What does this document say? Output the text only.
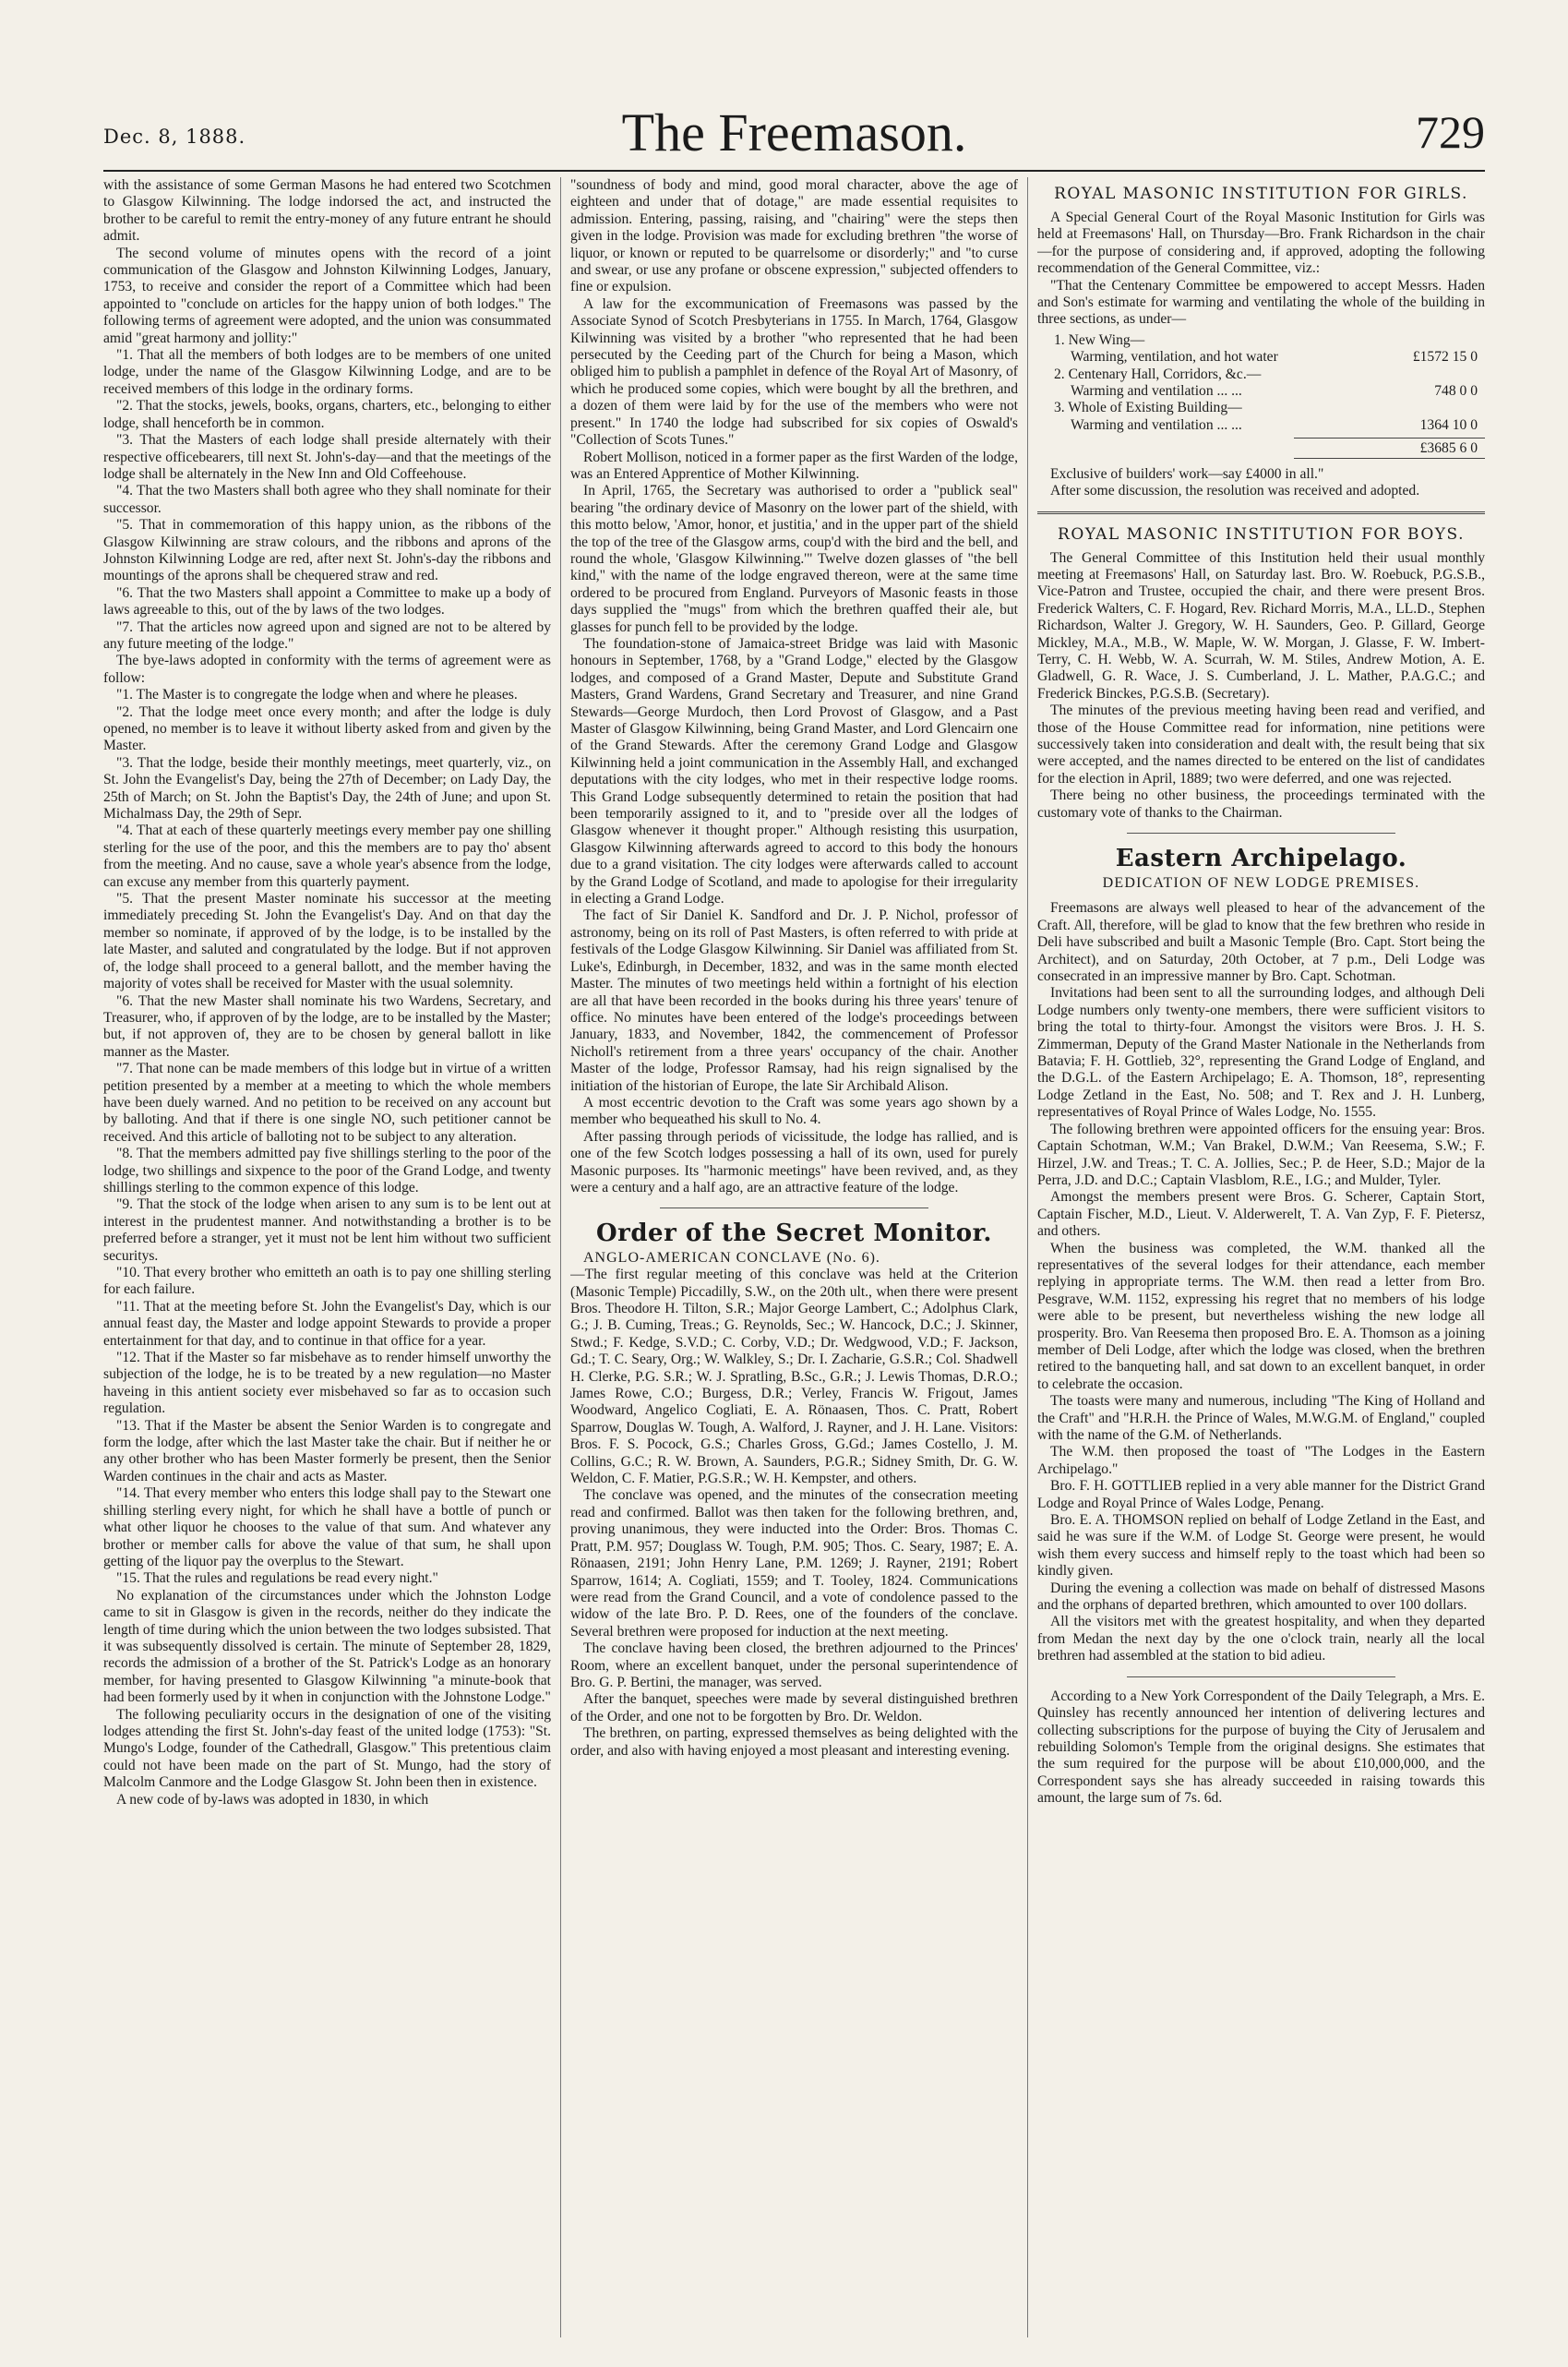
Dec. 8, 1888.	The Freemason.	729

with the assistance of some German Masons he had entered two Scotchmen to Glasgow Kilwinning. The lodge indorsed the act, and instructed the brother to be careful to remit the entry-money of any future entrant he should admit.

The second volume of minutes opens with the record of a joint communication of the Glasgow and Johnston Kilwinning Lodges, January, 1753, to receive and consider the report of a Committee which had been appointed to "conclude on articles for the happy union of both lodges." The following terms of agreement were adopted, and the union was consummated amid "great harmony and jollity:"

"1. That all the members of both lodges are to be members of one united lodge, under the name of the Glasgow Kilwinning Lodge, and are to be received members of this lodge in the ordinary forms.

"2. That the stocks, jewels, books, organs, charters, etc., belonging to either lodge, shall henceforth be in common.

"3. That the Masters of each lodge shall preside alternately with their respective officebearers, till next St. John's-day—and that the meetings of the lodge shall be alternately in the New Inn and Old Coffeehouse.

"4. That the two Masters shall both agree who they shall nominate for their successor.

"5. That in commemoration of this happy union, as the ribbons of the Glasgow Kilwinning are straw colours, and the ribbons and aprons of the Johnston Kilwinning Lodge are red, after next St. John's-day the ribbons and mountings of the aprons shall be chequered straw and red.

"6. That the two Masters shall appoint a Committee to make up a body of laws agreeable to this, out of the by laws of the two lodges.

"7. That the articles now agreed upon and signed are not to be altered by any future meeting of the lodge."

The bye-laws adopted in conformity with the terms of agreement were as follow:

"1. The Master is to congregate the lodge when and where he pleases.

"2. That the lodge meet once every month; and after the lodge is duly opened, no member is to leave it without liberty asked from and given by the Master.

"3. That the lodge, beside their monthly meetings, meet quarterly, viz., on St. John the Evangelist's Day, being the 27th of December; on Lady Day, the 25th of March; on St. John the Baptist's Day, the 24th of June; and upon St. Michalmass Day, the 29th of Sepr.

"4. That at each of these quarterly meetings every member pay one shilling sterling for the use of the poor, and this the members are to pay tho' absent from the meeting. And no cause, save a whole year's absence from the lodge, can excuse any member from this quarterly payment.

"5. That the present Master nominate his successor at the meeting immediately preceding St. John the Evangelist's Day. And on that day the member so nominate, if approved of by the lodge, is to be installed by the late Master, and saluted and congratulated by the lodge. But if not approven of, the lodge shall proceed to a general ballott, and the member having the majority of votes shall be received for Master with the usual solemnity.

"6. That the new Master shall nominate his two Wardens, Secretary, and Treasurer, who, if approven of by the lodge, are to be installed by the Master; but, if not approven of, they are to be chosen by general ballott in like manner as the Master.

"7. That none can be made members of this lodge but in virtue of a written petition presented by a member at a meeting to which the whole members have been duely warned. And no petition to be received on any account but by balloting. And that if there is one single NO, such petitioner cannot be received. And this article of balloting not to be subject to any alteration.

"8. That the members admitted pay five shillings sterling to the poor of the lodge, two shillings and sixpence to the poor of the Grand Lodge, and twenty shillings sterling to the common expence of this lodge.

"9. That the stock of the lodge when arisen to any sum is to be lent out at interest in the prudentest manner. And notwithstanding a brother is to be preferred before a stranger, yet it must not be lent him without two sufficient securitys.

"10. That every brother who emitteth an oath is to pay one shilling sterling for each failure.

"11. That at the meeting before St. John the Evangelist's Day, which is our annual feast day, the Master and lodge appoint Stewards to provide a proper entertainment for that day, and to continue in that office for a year.

"12. That if the Master so far misbehave as to render himself unworthy the subjection of the lodge, he is to be treated by a new regulation—no Master haveing in this antient society ever misbehaved so far as to occasion such regulation.

"13. That if the Master be absent the Senior Warden is to congregate and form the lodge, after which the last Master take the chair. But if neither he or any other brother who has been Master formerly be present, then the Senior Warden continues in the chair and acts as Master.

"14. That every member who enters this lodge shall pay to the Stewart one shilling sterling every night, for which he shall have a bottle of punch or what other liquor he chooses to the value of that sum. And whatever any brother or member calls for above the value of that sum, he shall upon getting of the liquor pay the overplus to the Stewart.

"15. That the rules and regulations be read every night."

No explanation of the circumstances under which the Johnston Lodge came to sit in Glasgow is given in the records, neither do they indicate the length of time during which the union between the two lodges subsisted. That it was subsequently dissolved is certain. The minute of September 28, 1829, records the admission of a brother of the St. Patrick's Lodge as an honorary member, for having presented to Glasgow Kilwinning "a minute-book that had been formerly used by it when in conjunction with the Johnstone Lodge."

The following peculiarity occurs in the designation of one of the visiting lodges attending the first St. John's-day feast of the united lodge (1753): "St. Mungo's Lodge, founder of the Cathedrall, Glasgow." This pretentious claim could not have been made on the part of St. Mungo, had the story of Malcolm Canmore and the Lodge Glasgow St. John been then in existence.

A new code of by-laws was adopted in 1830, in which

"soundness of body and mind, good moral character, above the age of eighteen and under that of dotage," are made essential requisites to admission. Entering, passing, raising, and "chairing" were the steps then given in the lodge. Provision was made for excluding brethren "the worse of liquor, or known or reputed to be quarrelsome or disorderly;" and "to curse and swear, or use any profane or obscene expression," subjected offenders to fine or expulsion.

A law for the excommunication of Freemasons was passed by the Associate Synod of Scotch Presbyterians in 1755. In March, 1764, Glasgow Kilwinning was visited by a brother "who represented that he had been persecuted by the Ceeding part of the Church for being a Mason, which obliged him to publish a pamphlet in defence of the Royal Art of Masonry, of which he produced some copies, which were bought by all the brethren, and a dozen of them were laid by for the use of the members who were not present." In 1740 the lodge had subscribed for six copies of Oswald's "Collection of Scots Tunes."

Robert Mollison, noticed in a former paper as the first Warden of the lodge, was an Entered Apprentice of Mother Kilwinning.

In April, 1765, the Secretary was authorised to order a "publick seal" bearing "the ordinary device of Masonry on the lower part of the shield, with this motto below, 'Amor, honor, et justitia,' and in the upper part of the shield the top of the tree of the Glasgow arms, coup'd with the bird and the bell, and round the whole, 'Glasgow Kilwinning.'" Twelve dozen glasses of "the bell kind," with the name of the lodge engraved thereon, were at the same time ordered to be procured from England. Purveyors of Masonic feasts in those days supplied the "mugs" from which the brethren quaffed their ale, but glasses for punch fell to be provided by the lodge.

The foundation-stone of Jamaica-street Bridge was laid with Masonic honours in September, 1768, by a "Grand Lodge," elected by the Glasgow lodges, and composed of a Grand Master, Depute and Substitute Grand Masters, Grand Wardens, Grand Secretary and Treasurer, and nine Grand Stewards—George Murdoch, then Lord Provost of Glasgow, and a Past Master of Glasgow Kilwinning, being Grand Master, and Lord Glencairn one of the Grand Stewards. After the ceremony Grand Lodge and Glasgow Kilwinning held a joint communication in the Assembly Hall, and exchanged deputations with the city lodges, who met in their respective lodge rooms. This Grand Lodge subsequently determined to retain the position that had been temporarily assigned to it, and to "preside over all the lodges of Glasgow whenever it thought proper." Although resisting this usurpation, Glasgow Kilwinning afterwards agreed to accord to this body the honours due to a grand visitation. The city lodges were afterwards called to account by the Grand Lodge of Scotland, and made to apologise for their irregularity in electing a Grand Lodge.

The fact of Sir Daniel K. Sandford and Dr. J. P. Nichol, professor of astronomy, being on its roll of Past Masters, is often referred to with pride at festivals of the Lodge Glasgow Kilwinning. Sir Daniel was affiliated from St. Luke's, Edinburgh, in December, 1832, and was in the same month elected Master. The minutes of two meetings held within a fortnight of his election are all that have been recorded in the books during his three years' tenure of office. No minutes have been entered of the lodge's proceedings between January, 1833, and November, 1842, the commencement of Professor Nicholl's retirement from a three years' occupancy of the chair. Another Master of the lodge, Professor Ramsay, had his reign signalised by the initiation of the historian of Europe, the late Sir Archibald Alison.

A most eccentric devotion to the Craft was some years ago shown by a member who bequeathed his skull to No. 4.

After passing through periods of vicissitude, the lodge has rallied, and is one of the few Scotch lodges possessing a hall of its own, used for purely Masonic purposes. Its "harmonic meetings" have been revived, and, as they were a century and a half ago, are an attractive feature of the lodge.

Order of the Secret Monitor.

ANGLO-AMERICAN CONCLAVE (No. 6).

—The first regular meeting of this conclave was held at the Criterion (Masonic Temple) Piccadilly, S.W., on the 20th ult., when there were present Bros. Theodore H. Tilton, S.R.; Major George Lambert, C.; Adolphus Clark, G.; J. B. Cuming, Treas.; G. Reynolds, Sec.; W. Hancock, D.C.; J. Skinner, Stwd.; F. Kedge, S.V.D.; C. Corby, V.D.; Dr. Wedgwood, V.D.; F. Jackson, Gd.; T. C. Seary, Org.; W. Walkley, S.; Dr. I. Zacharie, G.S.R.; Col. Shadwell H. Clerke, P.G. S.R.; W. J. Spratling, B.Sc., G.R.; J. Lewis Thomas, D.R.O.; James Rowe, C.O.; Burgess, D.R.; Verley, Francis W. Frigout, James Woodward, Angelico Cogliati, E. A. Rönaasen, Thos. C. Pratt, Robert Sparrow, Douglas W. Tough, A. Walford, J. Rayner, and J. H. Lane. Visitors: Bros. F. S. Pocock, G.S.; Charles Gross, G.Gd.; James Costello, J. M. Collins, G.C.; R. W. Brown, A. Saunders, P.G.R.; Sidney Smith, Dr. G. W. Weldon, C. F. Matier, P.G.S.R.; W. H. Kempster, and others.

The conclave was opened, and the minutes of the consecration meeting read and confirmed. Ballot was then taken for the following brethren, and, proving unanimous, they were inducted into the Order: Bros. Thomas C. Pratt, P.M. 957; Douglass W. Tough, P.M. 905; Thos. C. Seary, 1987; E. A. Rönaasen, 2191; John Henry Lane, P.M. 1269; J. Rayner, 2191; Robert Sparrow, 1614; A. Cogliati, 1559; and T. Tooley, 1824. Communications were read from the Grand Council, and a vote of condolence passed to the widow of the late Bro. P. D. Rees, one of the founders of the conclave. Several brethren were proposed for induction at the next meeting.

The conclave having been closed, the brethren adjourned to the Princes' Room, where an excellent banquet, under the personal superintendence of Bro. G. P. Bertini, the manager, was served.

After the banquet, speeches were made by several distinguished brethren of the Order, and one not to be forgotten by Bro. Dr. Weldon.

The brethren, on parting, expressed themselves as being delighted with the order, and also with having enjoyed a most pleasant and interesting evening.

ROYAL MASONIC INSTITUTION FOR GIRLS.

A Special General Court of the Royal Masonic Institution for Girls was held at Freemasons' Hall, on Thursday—Bro. Frank Richardson in the chair—for the purpose of considering and, if approved, adopting the following recommendation of the General Committee, viz.:

"That the Centenary Committee be empowered to accept Messrs. Haden and Son's estimate for warming and ventilating the whole of the building in three sections, as under—

1. New Wing—
Warming, ventilation, and hot water	£1572 15 0
2. Centenary Hall, Corridors, &c.—
Warming and ventilation ... ...	748 0 0
3. Whole of Existing Building—
Warming and ventilation ... ...	1364 10 0
£3685 6 0

Exclusive of builders' work—say £4000 in all."

After some discussion, the resolution was received and adopted.

ROYAL MASONIC INSTITUTION FOR BOYS.

The General Committee of this Institution held their usual monthly meeting at Freemasons' Hall, on Saturday last. Bro. W. Roebuck, P.G.S.B., Vice-Patron and Trustee, occupied the chair, and there were present Bros. Frederick Walters, C. F. Hogard, Rev. Richard Morris, M.A., LL.D., Stephen Richardson, Walter J. Gregory, W. H. Saunders, Geo. P. Gillard, George Mickley, M.A., M.B., W. Maple, W. W. Morgan, J. Glasse, F. W. Imbert-Terry, C. H. Webb, W. A. Scurrah, W. M. Stiles, Andrew Motion, A. E. Gladwell, G. R. Wace, J. S. Cumberland, J. L. Mather, P.A.G.C.; and Frederick Binckes, P.G.S.B. (Secretary).

The minutes of the previous meeting having been read and verified, and those of the House Committee read for information, nine petitions were successively taken into consideration and dealt with, the result being that six were accepted, and the names directed to be entered on the list of candidates for the election in April, 1889; two were deferred, and one was rejected.

There being no other business, the proceedings terminated with the customary vote of thanks to the Chairman.

Eastern Archipelago.
DEDICATION OF NEW LODGE PREMISES.

Freemasons are always well pleased to hear of the advancement of the Craft. All, therefore, will be glad to know that the few brethren who reside in Deli have subscribed and built a Masonic Temple (Bro. Capt. Stort being the Architect), and on Saturday, 20th October, at 7 p.m., Deli Lodge was consecrated in an impressive manner by Bro. Capt. Schotman.

Invitations had been sent to all the surrounding lodges, and although Deli Lodge numbers only twenty-one members, there were sufficient visitors to bring the total to thirty-four. Amongst the visitors were Bros. J. H. S. Zimmerman, Deputy of the Grand Master Nationale in the Netherlands from Batavia; F. H. Gottlieb, 32°, representing the Grand Lodge of England, and the D.G.L. of the Eastern Archipelago; E. A. Thomson, 18°, representing Lodge Zetland in the East, No. 508; and T. Rex and J. H. Lunberg, representatives of Royal Prince of Wales Lodge, No. 1555.

The following brethren were appointed officers for the ensuing year: Bros. Captain Schotman, W.M.; Van Brakel, D.W.M.; Van Reesema, S.W.; F. Hirzel, J.W. and Treas.; T. C. A. Jollies, Sec.; P. de Heer, S.D.; Major de la Perra, J.D. and D.C.; Captain Vlasblom, R.E., I.G.; and Mulder, Tyler.

Amongst the members present were Bros. G. Scherer, Captain Stort, Captain Fischer, M.D., Lieut. V. Alderwerelt, T. A. Van Zyp, F. F. Pietersz, and others.

When the business was completed, the W.M. thanked all the representatives of the several lodges for their attendance, each member replying in appropriate terms. The W.M. then read a letter from Bro. Pesgrave, W.M. 1152, expressing his regret that no members of his lodge were able to be present, but nevertheless wishing the new lodge all prosperity. Bro. Van Reesema then proposed Bro. E. A. Thomson as a joining member of Deli Lodge, after which the lodge was closed, when the brethren retired to the banqueting hall, and sat down to an excellent banquet, in order to celebrate the occasion.

The toasts were many and numerous, including "The King of Holland and the Craft" and "H.R.H. the Prince of Wales, M.W.G.M. of England," coupled with the name of the G.M. of Netherlands.

The W.M. then proposed the toast of "The Lodges in the Eastern Archipelago."

Bro. F. H. GOTTLIEB replied in a very able manner for the District Grand Lodge and Royal Prince of Wales Lodge, Penang.

Bro. E. A. THOMSON replied on behalf of Lodge Zetland in the East, and said he was sure if the W.M. of Lodge St. George were present, he would wish them every success and himself reply to the toast which had been so kindly given.

During the evening a collection was made on behalf of distressed Masons and the orphans of departed brethren, which amounted to over 100 dollars.

All the visitors met with the greatest hospitality, and when they departed from Medan the next day by the one o'clock train, nearly all the local brethren had assembled at the station to bid adieu.

According to a New York Correspondent of the Daily Telegraph, a Mrs. E. Quinsley has recently announced her intention of delivering lectures and collecting subscriptions for the purpose of buying the City of Jerusalem and rebuilding Solomon's Temple from the original designs. She estimates that the sum required for the purpose will be about £10,000,000, and the Correspondent says she has already succeeded in raising towards this amount, the large sum of 7s. 6d.
